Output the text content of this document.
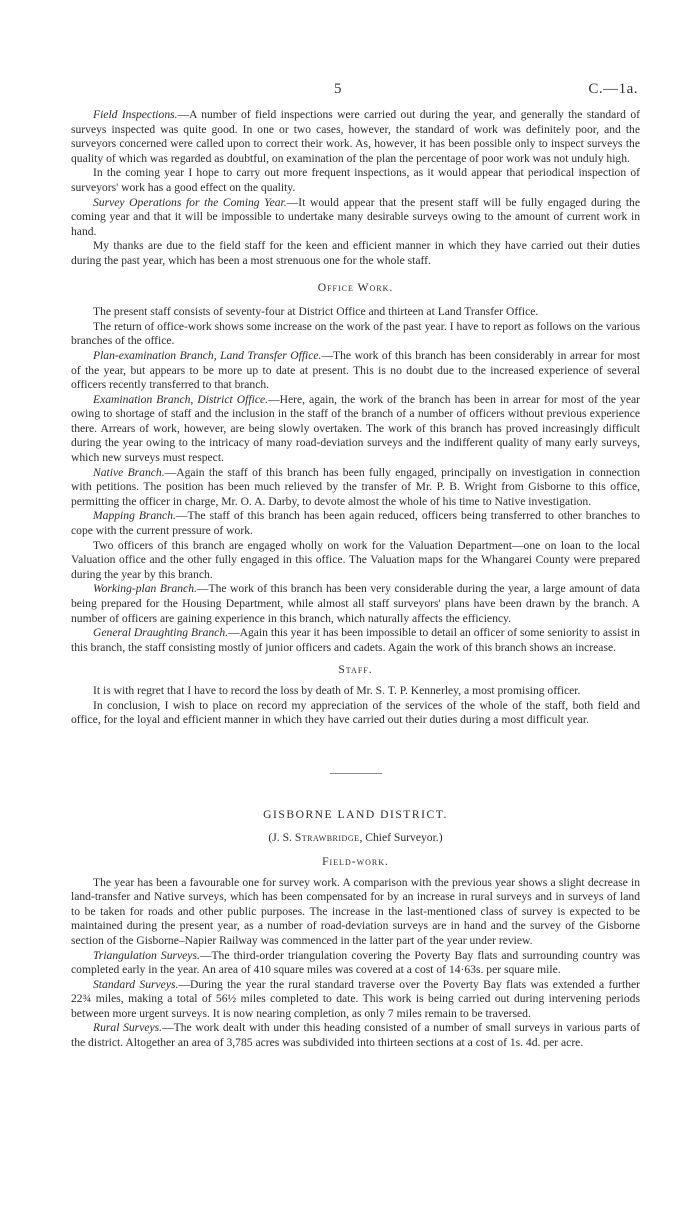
5	C.—1a.

Field Inspections.—A number of field inspections were carried out during the year, and generally the standard of surveys inspected was quite good. In one or two cases, however, the standard of work was definitely poor, and the surveyors concerned were called upon to correct their work. As, however, it has been possible only to inspect surveys the quality of which was regarded as doubtful, on examination of the plan the percentage of poor work was not unduly high.

In the coming year I hope to carry out more frequent inspections, as it would appear that periodical inspection of surveyors' work has a good effect on the quality.

Survey Operations for the Coming Year.—It would appear that the present staff will be fully engaged during the coming year and that it will be impossible to undertake many desirable surveys owing to the amount of current work in hand.

My thanks are due to the field staff for the keen and efficient manner in which they have carried out their duties during the past year, which has been a most strenuous one for the whole staff.

Office Work.

The present staff consists of seventy-four at District Office and thirteen at Land Transfer Office.

The return of office-work shows some increase on the work of the past year. I have to report as follows on the various branches of the office.

Plan-examination Branch, Land Transfer Office.—The work of this branch has been considerably in arrear for most of the year, but appears to be more up to date at present. This is no doubt due to the increased experience of several officers recently transferred to that branch.

Examination Branch, District Office.—Here, again, the work of the branch has been in arrear for most of the year owing to shortage of staff and the inclusion in the staff of the branch of a number of officers without previous experience there. Arrears of work, however, are being slowly overtaken. The work of this branch has proved increasingly difficult during the year owing to the intricacy of many road-deviation surveys and the indifferent quality of many early surveys, which new surveys must respect.

Native Branch.—Again the staff of this branch has been fully engaged, principally on investigation in connection with petitions. The position has been much relieved by the transfer of Mr. P. B. Wright from Gisborne to this office, permitting the officer in charge, Mr. O. A. Darby, to devote almost the whole of his time to Native investigation.

Mapping Branch.—The staff of this branch has been again reduced, officers being transferred to other branches to cope with the current pressure of work.

Two officers of this branch are engaged wholly on work for the Valuation Department—one on loan to the local Valuation office and the other fully engaged in this office. The Valuation maps for the Whangarei County were prepared during the year by this branch.

Working-plan Branch.—The work of this branch has been very considerable during the year, a large amount of data being prepared for the Housing Department, while almost all staff surveyors' plans have been drawn by the branch. A number of officers are gaining experience in this branch, which naturally affects the efficiency.

General Draughting Branch.—Again this year it has been impossible to detail an officer of some seniority to assist in this branch, the staff consisting mostly of junior officers and cadets. Again the work of this branch shows an increase.

Staff.

It is with regret that I have to record the loss by death of Mr. S. T. P. Kennerley, a most promising officer.

In conclusion, I wish to place on record my appreciation of the services of the whole of the staff, both field and office, for the loyal and efficient manner in which they have carried out their duties during a most difficult year.

GISBORNE LAND DISTRICT.
(J. S. Strawbridge, Chief Surveyor.)
Field-work.

The year has been a favourable one for survey work. A comparison with the previous year shows a slight decrease in land-transfer and Native surveys, which has been compensated for by an increase in rural surveys and in surveys of land to be taken for roads and other public purposes. The increase in the last-mentioned class of survey is expected to be maintained during the present year, as a number of road-deviation surveys are in hand and the survey of the Gisborne section of the Gisborne–Napier Railway was commenced in the latter part of the year under review.

Triangulation Surveys.—The third-order triangulation covering the Poverty Bay flats and surrounding country was completed early in the year. An area of 410 square miles was covered at a cost of 14·63s. per square mile.

Standard Surveys.—During the year the rural standard traverse over the Poverty Bay flats was extended a further 22¾ miles, making a total of 56½ miles completed to date. This work is being carried out during intervening periods between more urgent surveys. It is now nearing completion, as only 7 miles remain to be traversed.

Rural Surveys.—The work dealt with under this heading consisted of a number of small surveys in various parts of the district. Altogether an area of 3,785 acres was subdivided into thirteen sections at a cost of 1s. 4d. per acre.
